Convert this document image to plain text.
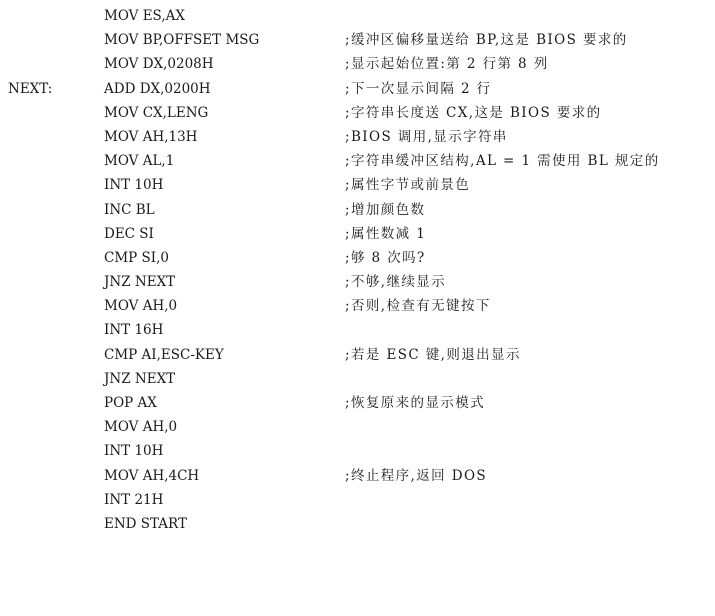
MOV ES,AX
MOV BP,OFFSET MSG	;缓冲区偏移量送给 BP,这是 BIOS 要求的
MOV DX,0208H	;显示起始位置:第 2 行第 8 列
NEXT:	ADD DX,0200H	;下一次显示间隔 2 行
MOV CX,LENG	;字符串长度送 CX,这是 BIOS 要求的
MOV AH,13H	;BIOS 调用,显示字符串
MOV AL,1	;字符串缓冲区结构,AL = 1 需使用 BL 规定的
INT 10H	;属性字节或前景色
INC BL	;增加颜色数
DEC SI	;属性数减 1
CMP SI,0	;够 8 次吗?
JNZ NEXT	;不够,继续显示
MOV AH,0	;否则,检查有无键按下
INT 16H
CMP AI,ESC-KEY	;若是 ESC 键,则退出显示
JNZ NEXT
POP AX	;恢复原来的显示模式
MOV AH,0
INT 10H
MOV AH,4CH	;终止程序,返回 DOS
INT 21H
END START
